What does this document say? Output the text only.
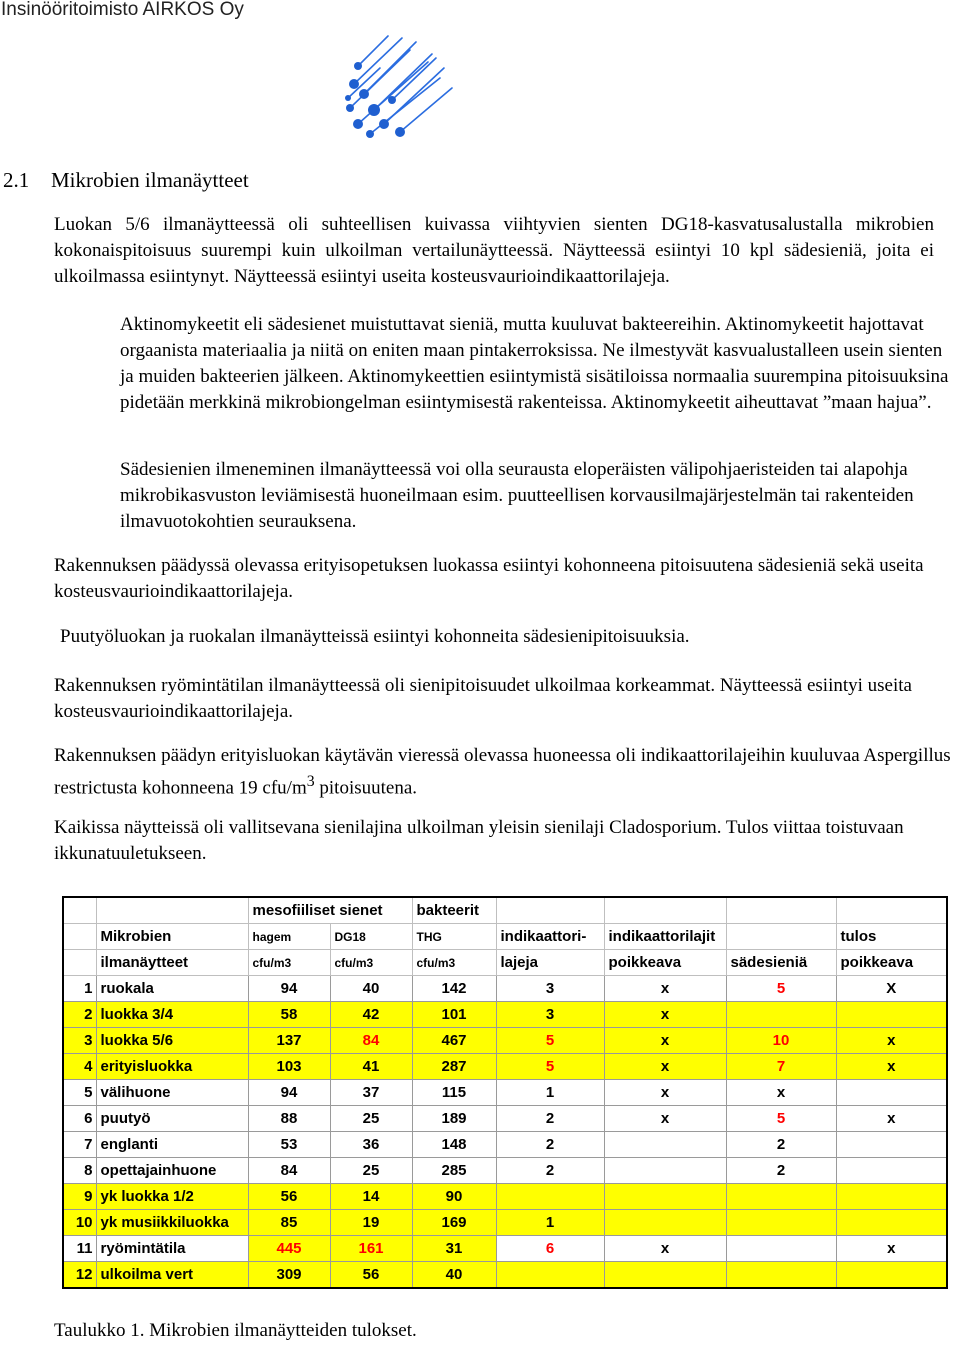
Insinööritoimisto AIRKOS Oy
2.1 Mikrobien ilmanäytteet

Luokan 5/6 ilmanäytteessä oli suhteellisen kuivassa viihtyvien sienten DG18-kasvatusalustalla mikrobien kokonaispitoisuus suurempi kuin ulkoilman vertailunäytteessä. Näytteessä esiintyi 10 kpl sädesieniä, joita ei ulkoilmassa esiintynyt. Näytteessä esiintyi useita kosteusvaurioindikaattorilajeja.

Aktinomykeetit eli sädesienet muistuttavat sieniä, mutta kuuluvat bakteereihin. Aktinomykeetit hajottavat orgaanista materiaalia ja niitä on eniten maan pintakerroksissa. Ne ilmestyvät kasvualustalleen usein sienten ja muiden bakteerien jälkeen. Aktinomykeettien esiintymistä sisätiloissa normaalia suurempina pitoisuuksina pidetään merkkinä mikrobiongelman esiintymisestä rakenteissa. Aktinomykeetit aiheuttavat ”maan hajua”.

Sädesienien ilmeneminen ilmanäytteessä voi olla seurausta eloperäisten välipohjaeristeiden tai alapohja mikrobikasvuston leviämisestä huoneilmaan esim. puutteellisen korvausilmajärjestelmän tai rakenteiden ilmavuotokohtien seurauksena.

Rakennuksen päädyssä olevassa erityisopetuksen luokassa esiintyi kohonneena pitoisuutena sädesieniä sekä useita kosteusvaurioindikaattorilajeja.

Puutyöluokan ja ruokalan ilmanäytteissä esiintyi kohonneita sädesienipitoisuuksia.

Rakennuksen ryömintätilan ilmanäytteessä oli sienipitoisuudet ulkoilmaa korkeammat. Näytteessä esiintyi useita kosteusvaurioindikaattorilajeja.

Rakennuksen päädyn erityisluokan käytävän vieressä olevassa huoneessa oli indikaattorilajeihin kuuluvaa Aspergillus restrictusta kohonneena 19 cfu/$m^3$ pitoisuutena.

Kaikissa näytteissä oli vallitsevana sienilajina ulkoilman yleisin sienilaji Cladosporium. Tulos viittaa toistuvaan ikkunatuuletukseen.

		mesofiiliset sienet		bakteerit				
	Mikrobien	hagem	DG18	THG	indikaattori-	indikaattorilajit		tulos
	ilmanäytteet	cfu/m3	cfu/m3	cfu/m3	lajeja	poikkeava	sädesieniä	poikkeava
1	ruokala	94	40	142	3	x	5	X
2	luokka 3/4	58	42	101	3	x		
3	luokka 5/6	137	84	467	5	x	10	x
4	erityisluokka	103	41	287	5	x	7	x
5	välihuone	94	37	115	1	x	x	
6	puutyö	88	25	189	2	x	5	x
7	englanti	53	36	148	2		2	
8	opettajainhuone	84	25	285	2		2	
9	yk luokka 1/2	56	14	90				
10	yk musiikkiluokka	85	19	169	1			
11	ryömintätila	445	161	31	6	x		x
12	ulkoilma vert	309	56	40				
Taulukko 1. Mikrobien ilmanäytteiden tulokset.
